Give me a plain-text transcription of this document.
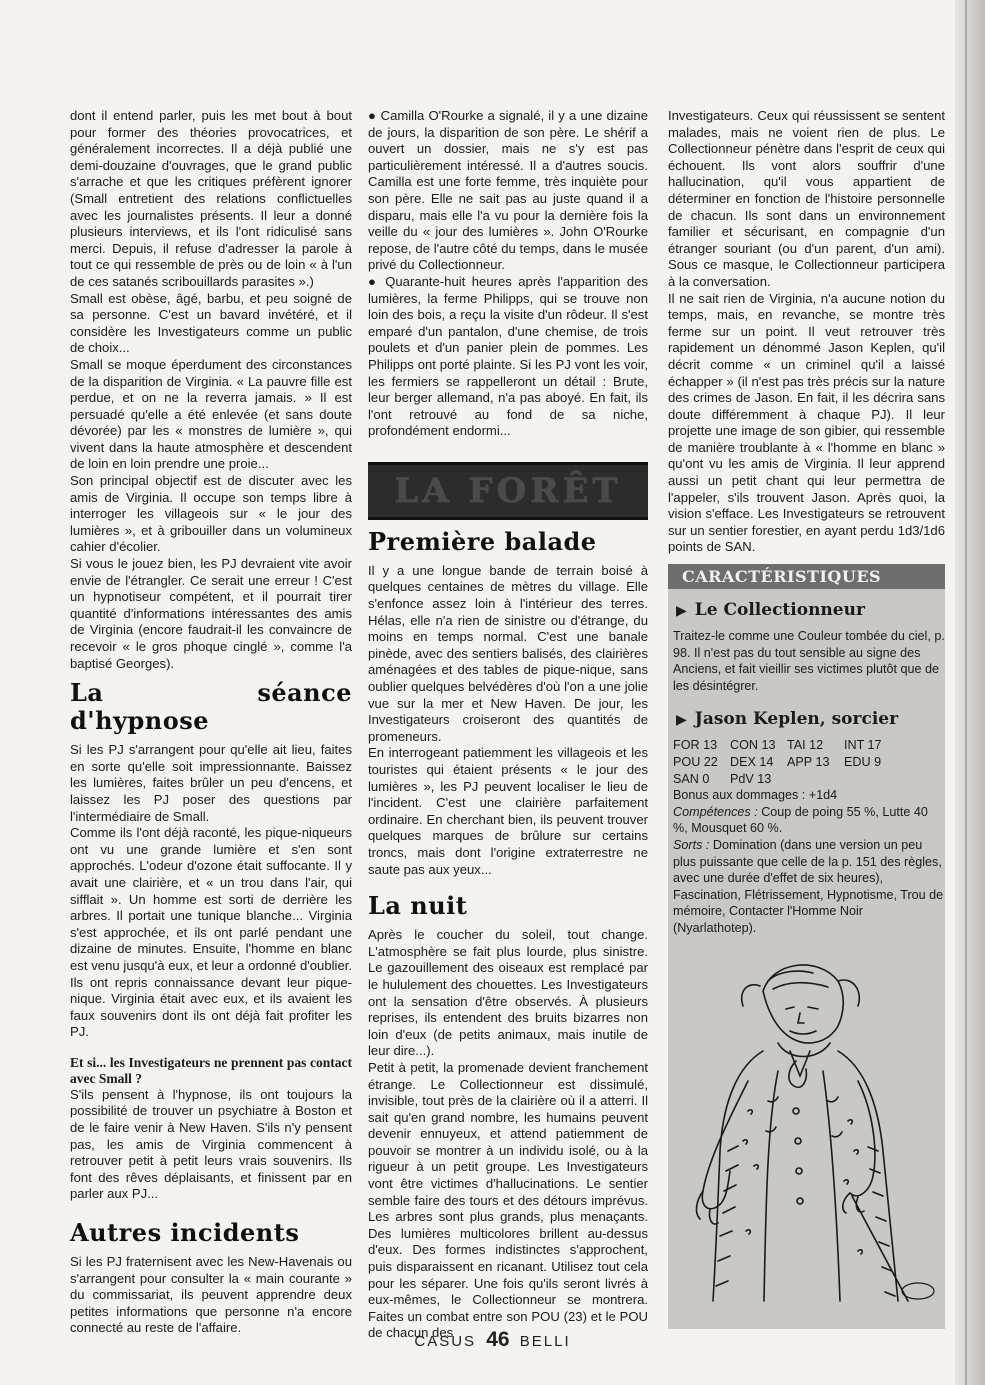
dont il entend parler, puis les met bout à bout pour former des théories provocatrices, et généralement incorrectes. Il a déjà publié une demi-douzaine d'ouvrages, que le grand public s'arrache et que les critiques préfèrent ignorer (Small entretient des relations conflictuelles avec les journalistes présents. Il leur a donné plusieurs interviews, et ils l'ont ridiculisé sans merci. Depuis, il refuse d'adresser la parole à tout ce qui ressemble de près ou de loin « à l'un de ces satanés scribouillards parasites ».)

Small est obèse, âgé, barbu, et peu soigné de sa personne. C'est un bavard invétéré, et il considère les Investigateurs comme un public de choix...

Small se moque éperdument des circonstances de la disparition de Virginia. « La pauvre fille est perdue, et on ne la reverra jamais. » Il est persuadé qu'elle a été enlevée (et sans doute dévorée) par les « monstres de lumière », qui vivent dans la haute atmosphère et descendent de loin en loin prendre une proie...

Son principal objectif est de discuter avec les amis de Virginia. Il occupe son temps libre à interroger les villageois sur « le jour des lumières », et à gribouiller dans un volumineux cahier d'écolier.

Si vous le jouez bien, les PJ devraient vite avoir envie de l'étrangler. Ce serait une erreur ! C'est un hypnotiseur compétent, et il pourrait tirer quantité d'informations intéressantes des amis de Virginia (encore faudrait-il les convaincre de recevoir « le gros phoque cinglé », comme l'a baptisé Georges).

La séance d'hypnose

Si les PJ s'arrangent pour qu'elle ait lieu, faites en sorte qu'elle soit impressionnante. Baissez les lumières, faites brûler un peu d'encens, et laissez les PJ poser des questions par l'intermédiaire de Small.

Comme ils l'ont déjà raconté, les pique-niqueurs ont vu une grande lumière et s'en sont approchés. L'odeur d'ozone était suffocante. Il y avait une clairière, et « un trou dans l'air, qui sifflait ». Un homme est sorti de derrière les arbres. Il portait une tunique blanche... Virginia s'est approchée, et ils ont parlé pendant une dizaine de minutes. Ensuite, l'homme en blanc est venu jusqu'à eux, et leur a ordonné d'oublier. Ils ont repris connaissance devant leur pique-nique. Virginia était avec eux, et ils avaient les faux souvenirs dont ils ont déjà fait profiter les PJ.

Et si... les Investigateurs ne prennent pas contact avec Small ?

S'ils pensent à l'hypnose, ils ont toujours la possibilité de trouver un psychiatre à Boston et de le faire venir à New Haven. S'ils n'y pensent pas, les amis de Virginia commencent à retrouver petit à petit leurs vrais souvenirs. Ils font des rêves déplaisants, et finissent par en parler aux PJ...

Autres incidents

Si les PJ fraternisent avec les New-Havenais ou s'arrangent pour consulter la « main courante » du commissariat, ils peuvent apprendre deux petites informations que personne n'a encore connecté au reste de l'affaire.

● Camilla O'Rourke a signalé, il y a une dizaine de jours, la disparition de son père. Le shérif a ouvert un dossier, mais ne s'y est pas particulièrement intéressé. Il a d'autres soucis. Camilla est une forte femme, très inquiète pour son père. Elle ne sait pas au juste quand il a disparu, mais elle l'a vu pour la dernière fois la veille du « jour des lumières ». John O'Rourke repose, de l'autre côté du temps, dans le musée privé du Collectionneur.

● Quarante-huit heures après l'apparition des lumières, la ferme Philipps, qui se trouve non loin des bois, a reçu la visite d'un rôdeur. Il s'est emparé d'un pantalon, d'une chemise, de trois poulets et d'un panier plein de pommes. Les Philipps ont porté plainte. Si les PJ vont les voir, les fermiers se rappelleront un détail : Brute, leur berger allemand, n'a pas aboyé. En fait, ils l'ont retrouvé au fond de sa niche, profondément endormi...

LA FORÊT
Première balade

Il y a une longue bande de terrain boisé à quelques centaines de mètres du village. Elle s'enfonce assez loin à l'intérieur des terres. Hélas, elle n'a rien de sinistre ou d'étrange, du moins en temps normal. C'est une banale pinède, avec des sentiers balisés, des clairières aménagées et des tables de pique-nique, sans oublier quelques belvédères d'où l'on a une jolie vue sur la mer et New Haven. De jour, les Investigateurs croiseront des quantités de promeneurs.

En interrogeant patiemment les villageois et les touristes qui étaient présents « le jour des lumières », les PJ peuvent localiser le lieu de l'incident. C'est une clairière parfaitement ordinaire. En cherchant bien, ils peuvent trouver quelques marques de brûlure sur certains troncs, mais dont l'origine extraterrestre ne saute pas aux yeux...

La nuit

Après le coucher du soleil, tout change. L'atmosphère se fait plus lourde, plus sinistre. Le gazouillement des oiseaux est remplacé par le hululement des chouettes. Les Investigateurs ont la sensation d'être observés. À plusieurs reprises, ils entendent des bruits bizarres non loin d'eux (de petits animaux, mais inutile de leur dire...).

Petit à petit, la promenade devient franchement étrange. Le Collectionneur est dissimulé, invisible, tout près de la clairière où il a atterri. Il sait qu'en grand nombre, les humains peuvent devenir ennuyeux, et attend patiemment de pouvoir se montrer à un individu isolé, ou à la rigueur à un petit groupe. Les Investigateurs vont être victimes d'hallucinations. Le sentier semble faire des tours et des détours imprévus. Les arbres sont plus grands, plus menaçants. Des lumières multicolores brillent au-dessus d'eux. Des formes indistinctes s'approchent, puis disparaissent en ricanant. Utilisez tout cela pour les séparer. Une fois qu'ils seront livrés à eux-mêmes, le Collectionneur se montrera. Faites un combat entre son POU (23) et le POU de chacun des

Investigateurs. Ceux qui réussissent se sentent malades, mais ne voient rien de plus. Le Collectionneur pénètre dans l'esprit de ceux qui échouent. Ils vont alors souffrir d'une hallucination, qu'il vous appartient de déterminer en fonction de l'histoire personnelle de chacun. Ils sont dans un environnement familier et sécurisant, en compagnie d'un étranger souriant (ou d'un parent, d'un ami). Sous ce masque, le Collectionneur participera à la conversation.

Il ne sait rien de Virginia, n'a aucune notion du temps, mais, en revanche, se montre très ferme sur un point. Il veut retrouver très rapidement un dénommé Jason Keplen, qu'il décrit comme « un criminel qu'il a laissé échapper » (il n'est pas très précis sur la nature des crimes de Jason. En fait, il les décrira sans doute différemment à chaque PJ). Il leur projette une image de son gibier, qui ressemble de manière troublante à « l'homme en blanc » qu'ont vu les amis de Virginia. Il leur apprend aussi un petit chant qui leur permettra de l'appeler, s'ils trouvent Jason. Après quoi, la vision s'efface. Les Investigateurs se retrouvent sur un sentier forestier, en ayant perdu 1d3/1d6 points de SAN.

CARACTÉRISTIQUES
▶ Le Collectionneur

Traitez-le comme une Couleur tombée du ciel, p. 98. Il n'est pas du tout sensible au signe des Anciens, et fait vieillir ses victimes plutôt que de les désintégrer.

▶ Jason Keplen, sorcier
FOR 13	CON 13 TAI 12	INT 17
POU 22 DEX 14	APP 13	EDU 9
SAN 0	PdV 13

Bonus aux dommages : +1d4

Compétences : Coup de poing 55 %, Lutte 40 %, Mousquet 60 %.

Sorts : Domination (dans une version un peu plus puissante que celle de la p. 151 des règles, avec une durée d'effet de six heures), Fascination, Flétrissement, Hypnotisme, Trou de mémoire, Contacter l'Homme Noir (Nyarlathotep).

CASUS 46 BELLI
